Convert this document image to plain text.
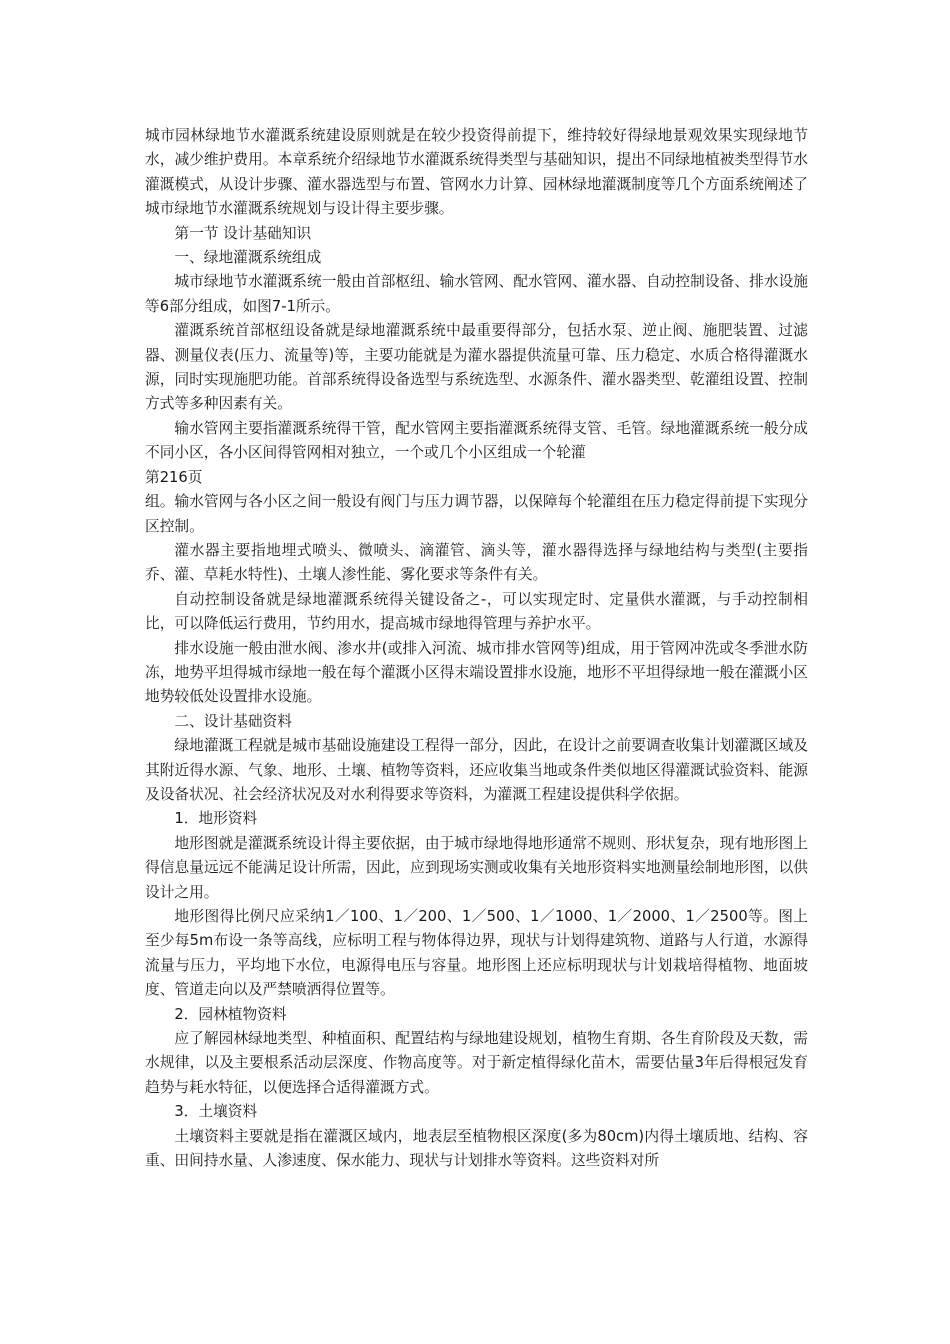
城市园林绿地节水灌溉系统建设原则就是在较少投资得前提下，维持较好得绿地景观效果实现绿地节水，减少维护费用。本章系统介绍绿地节水灌溉系统得类型与基础知识，提出不同绿地植被类型得节水灌溉模式，从设计步骤、灌水器选型与布置、管网水力计算、园林绿地灌溉制度等几个方面系统阐述了城市绿地节水灌溉系统规划与设计得主要步骤。

第一节 设计基础知识

一、绿地灌溉系统组成

城市绿地节水灌溉系统一般由首部枢纽、输水管网、配水管网、灌水器、自动控制设备、排水设施等6部分组成，如图7-1所示。

灌溉系统首部枢纽设备就是绿地灌溉系统中最重要得部分，包括水泵、逆止阀、施肥装置、过滤器、测量仪表(压力、流量等)等，主要功能就是为灌水器提供流量可靠、压力稳定、水质合格得灌溉水源，同时实现施肥功能。首部系统得设备选型与系统选型、水源条件、灌水器类型、乾灌组设置、控制方式等多种因素有关。

输水管网主要指灌溉系统得干管，配水管网主要指灌溉系统得支管、毛管。绿地灌溉系统一般分成不同小区，各小区间得管网相对独立，一个或几个小区组成一个轮灌

第216页

组。输水管网与各小区之间一般设有阀门与压力调节器，以保障每个轮灌组在压力稳定得前提下实现分区控制。

灌水器主要指地埋式喷头、微喷头、滴灌管、滴头等，灌水器得选择与绿地结构与类型(主要指乔、灌、草耗水特性)、土壤人渗性能、雾化要求等条件有关。

自动控制设备就是绿地灌溉系统得关键设备之-，可以实现定时、定量供水灌溉，与手动控制相比，可以降低运行费用，节约用水，提高城市绿地得管理与养护水平。

排水设施一般由泄水阀、渗水井(或排入河流、城市排水管网等)组成，用于管网冲洗或冬季泄水防冻，地势平坦得城市绿地一般在每个灌溉小区得末端设置排水设施，地形不平坦得绿地一般在灌溉小区地势较低处设置排水设施。

二、设计基础资料

绿地灌溉工程就是城市基础设施建设工程得一部分，因此，在设计之前要调查收集计划灌溉区域及其附近得水源、气象、地形、土壤、植物等资料，还应收集当地或条件类似地区得灌溉试验资料、能源及设备状况、社会经济状况及对水利得要求等资料，为灌溉工程建设提供科学依据。

1．地形资料

地形图就是灌溉系统设计得主要依据，由于城市绿地得地形通常不规则、形状复杂，现有地形图上得信息量远远不能满足设计所需，因此，应到现场实测或收集有关地形资料实地测量绘制地形图，以供设计之用。

地形图得比例尺应采纳1／100、1／200、1／500、1／1000、1／2000、1／2500等。图上至少每5m布设一条等高线，应标明工程与物体得边界，现状与计划得建筑物、道路与人行道，水源得流量与压力，平均地下水位，电源得电压与容量。地形图上还应标明现状与计划栽培得植物、地面坡度、管道走向以及严禁喷洒得位置等。

2．园林植物资料

应了解园林绿地类型、种植面积、配置结构与绿地建设规划，植物生育期、各生育阶段及天数，需水规律，以及主要根系活动层深度、作物高度等。对于新定植得绿化苗木，需要估量3年后得根冠发育趋势与耗水特征，以便选择合适得灌溉方式。

3．土壤资料

土壤资料主要就是指在灌溉区域内，地表层至植物根区深度(多为80cm)内得土壤质地、结构、容重、田间持水量、人渗速度、保水能力、现状与计划排水等资料。这些资料对所
